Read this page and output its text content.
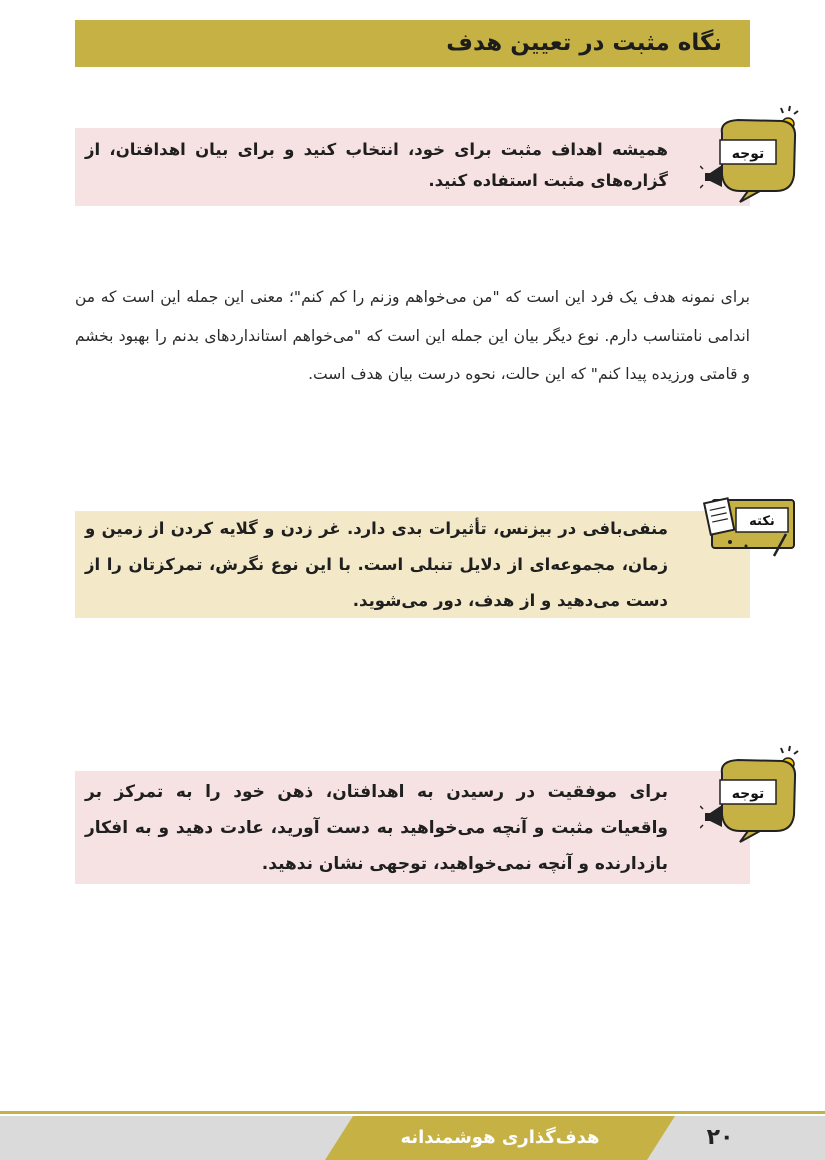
نگاه مثبت در تعیین هدف
همیشه اهداف مثبت برای خود، انتخاب کنید و برای بیان اهدافتان، از گزاره‌های مثبت استفاده کنید.
توجه
برای نمونه هدف یک فرد این است که "من می‌خواهم وزنم را کم کنم"؛ معنی این جمله این است که من اندامی نامتناسب دارم. نوع دیگر بیان این جمله این است که "می‌خواهم استانداردهای بدنم را بهبود بخشم و قامتی ورزیده پیدا کنم" که این حالت، نحوه درست بیان هدف است.
منفی‌بافی در بیزنس، تأثیرات بدی دارد. غر زدن و گلایه کردن از زمین و زمان، مجموعه‌ای از دلایل تنبلی است. با این نوع نگرش، تمرکزتان را از دست می‌دهید و از هدف، دور می‌شوید.
نکته
برای موفقیت در رسیدن به اهدافتان، ذهن خود را به تمرکز بر واقعیات مثبت و آنچه می‌خواهید به دست آورید، عادت دهید و به افکار بازدارنده و آنچه نمی‌خواهید، توجهی نشان ندهید.
توجه
هدف‌گذاری هوشمندانه	۲۰
